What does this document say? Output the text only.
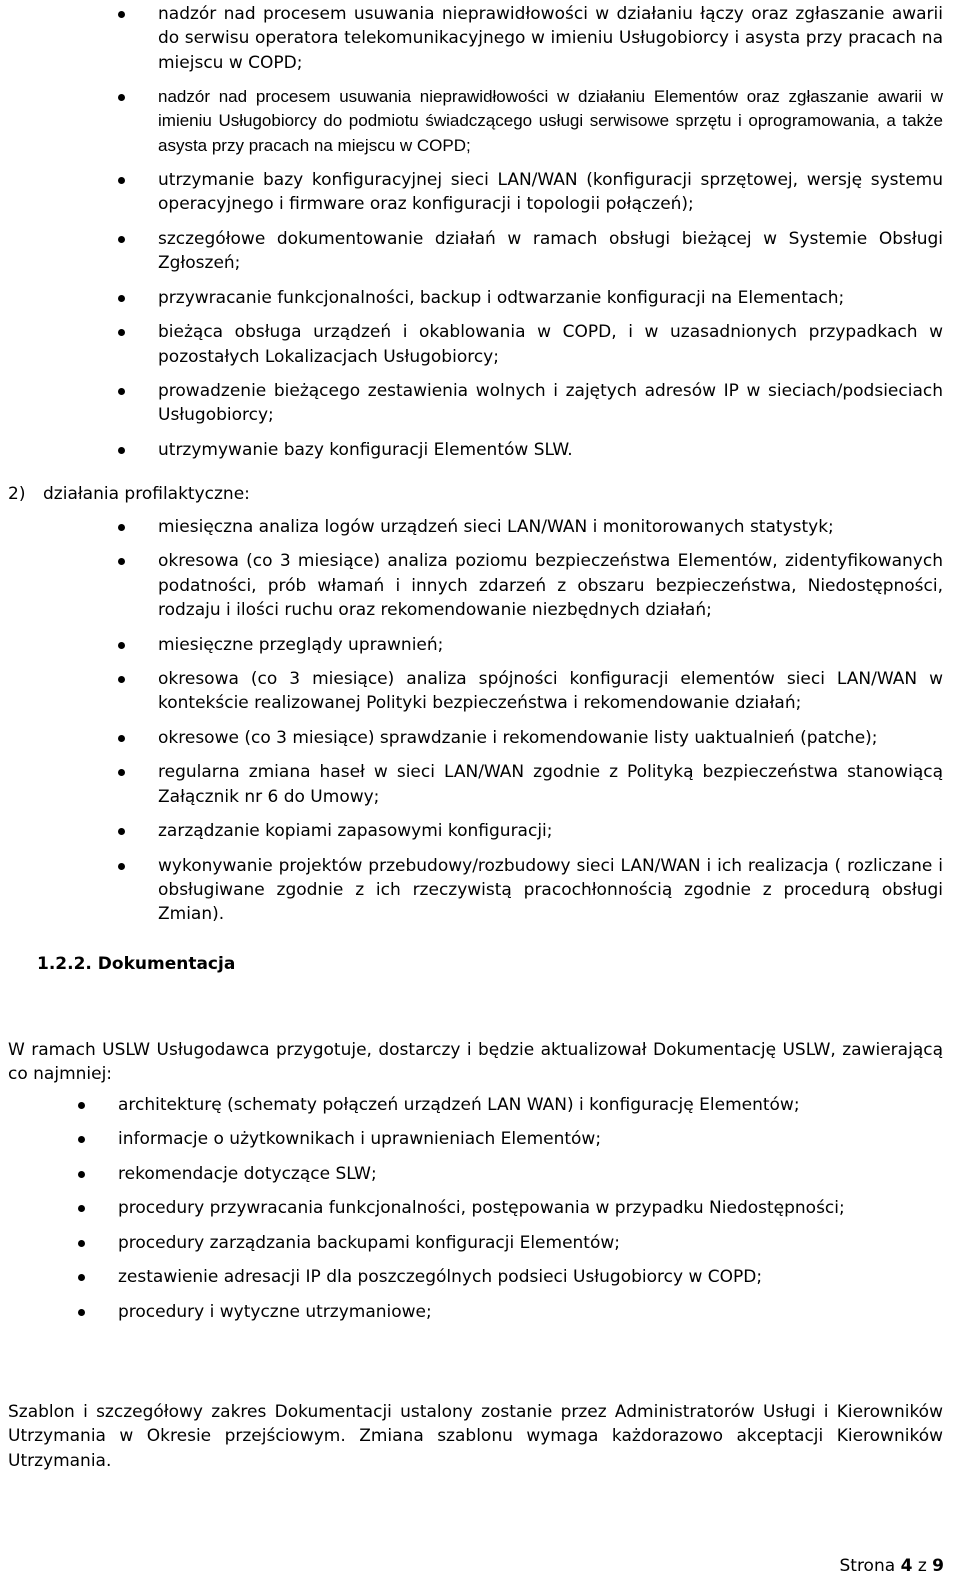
nadzór nad procesem usuwania nieprawidłowości w działaniu łączy oraz zgłaszanie awarii do serwisu operatora telekomunikacyjnego w imieniu Usługobiorcy i asysta przy pracach na miejscu w COPD;
nadzór nad procesem usuwania nieprawidłowości w działaniu Elementów oraz zgłaszanie awarii w imieniu Usługobiorcy do podmiotu świadczącego usługi serwisowe sprzętu i oprogramowania, a także asysta przy pracach na miejscu w COPD;
utrzymanie bazy konfiguracyjnej sieci LAN/WAN (konfiguracji sprzętowej, wersję systemu operacyjnego i firmware oraz konfiguracji i topologii połączeń);
szczegółowe dokumentowanie działań w ramach obsługi bieżącej w Systemie Obsługi Zgłoszeń;
przywracanie funkcjonalności, backup i odtwarzanie konfiguracji na Elementach;
bieżąca obsługa urządzeń i okablowania w COPD, i w uzasadnionych przypadkach w pozostałych Lokalizacjach Usługobiorcy;
prowadzenie bieżącego zestawienia wolnych i zajętych adresów IP w sieciach/podsieciach Usługobiorcy;
utrzymywanie bazy konfiguracji Elementów SLW.
2) działania profilaktyczne:
miesięczna analiza logów urządzeń sieci LAN/WAN i monitorowanych statystyk;
okresowa (co 3 miesiące) analiza poziomu bezpieczeństwa Elementów, zidentyfikowanych podatności, prób włamań i innych zdarzeń z obszaru bezpieczeństwa, Niedostępności, rodzaju i ilości ruchu oraz rekomendowanie niezbędnych działań;
miesięczne przeglądy uprawnień;
okresowa (co 3 miesiące) analiza spójności konfiguracji elementów sieci LAN/WAN w kontekście realizowanej Polityki bezpieczeństwa i rekomendowanie działań;
okresowe (co 3 miesiące) sprawdzanie i rekomendowanie listy uaktualnień (patche);
regularna zmiana haseł w sieci LAN/WAN zgodnie z Polityką bezpieczeństwa stanowiącą Załącznik nr 6 do Umowy;
zarządzanie kopiami zapasowymi konfiguracji;
wykonywanie projektów przebudowy/rozbudowy sieci LAN/WAN i ich realizacja ( rozliczane i obsługiwane zgodnie z ich rzeczywistą pracochłonnością zgodnie z procedurą obsługi Zmian).
1.2.2. Dokumentacja

W ramach USLW Usługodawca przygotuje, dostarczy i będzie aktualizował Dokumentację USLW, zawierającą co najmniej:

architekturę (schematy połączeń urządzeń LAN WAN) i konfigurację Elementów;
informacje o użytkownikach i uprawnieniach Elementów;
rekomendacje dotyczące SLW;
procedury przywracania funkcjonalności, postępowania w przypadku Niedostępności;
procedury zarządzania backupami konfiguracji Elementów;
zestawienie adresacji IP dla poszczególnych podsieci Usługobiorcy w COPD;
procedury i wytyczne utrzymaniowe;

Szablon i szczegółowy zakres Dokumentacji ustalony zostanie przez Administratorów Usługi i Kierowników Utrzymania w Okresie przejściowym. Zmiana szablonu wymaga każdorazowo akceptacji Kierowników Utrzymania.

Strona 4 z 9
